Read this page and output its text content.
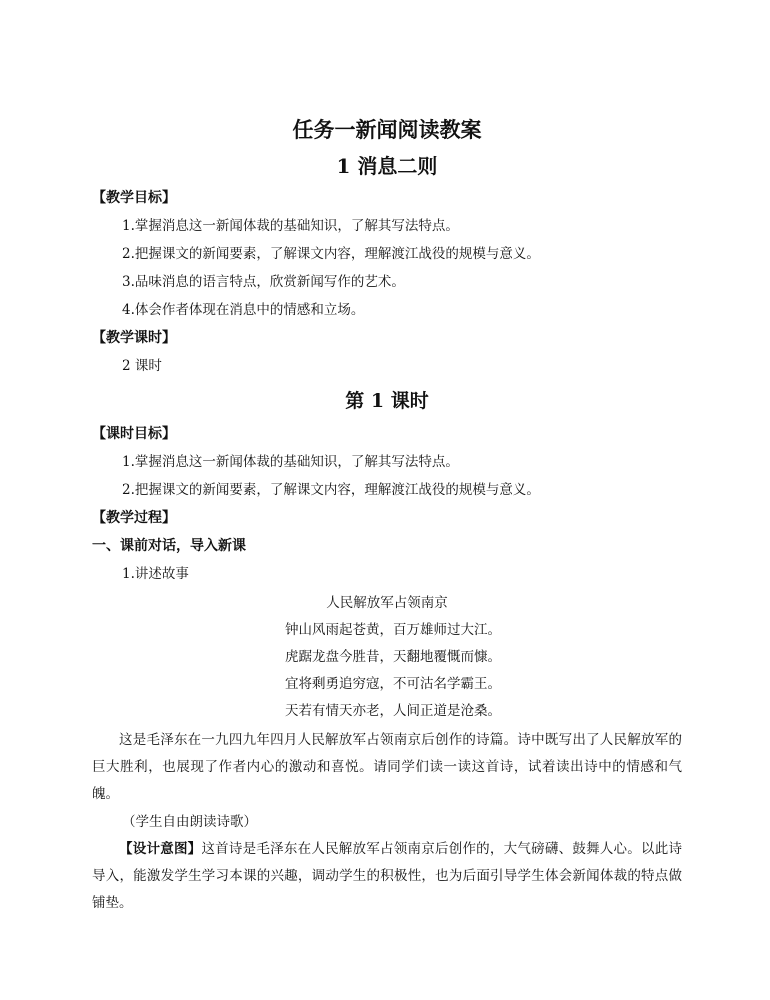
任务一新闻阅读教案
1 消息二则

【教学目标】

1.掌握消息这一新闻体裁的基础知识，了解其写法特点。

2.把握课文的新闻要素，了解课文内容，理解渡江战役的规模与意义。

3.品味消息的语言特点，欣赏新闻写作的艺术。

4.体会作者体现在消息中的情感和立场。

【教学课时】

2 课时

第 1 课时

【课时目标】

1.掌握消息这一新闻体裁的基础知识，了解其写法特点。

2.把握课文的新闻要素，了解课文内容，理解渡江战役的规模与意义。

【教学过程】

一、课前对话，导入新课

1.讲述故事

人民解放军占领南京

钟山风雨起苍黄，百万雄师过大江。

虎踞龙盘今胜昔，天翻地覆慨而慷。

宜将剩勇追穷寇，不可沽名学霸王。

天若有情天亦老，人间正道是沧桑。

这是毛泽东在一九四九年四月人民解放军占领南京后创作的诗篇。诗中既写出了人民解放军的巨大胜利，也展现了作者内心的激动和喜悦。请同学们读一读这首诗，试着读出诗中的情感和气魄。

（学生自由朗读诗歌）

【设计意图】这首诗是毛泽东在人民解放军占领南京后创作的，大气磅礴、鼓舞人心。以此诗导入，能激发学生学习本课的兴趣，调动学生的积极性，也为后面引导学生体会新闻体裁的特点做铺垫。
